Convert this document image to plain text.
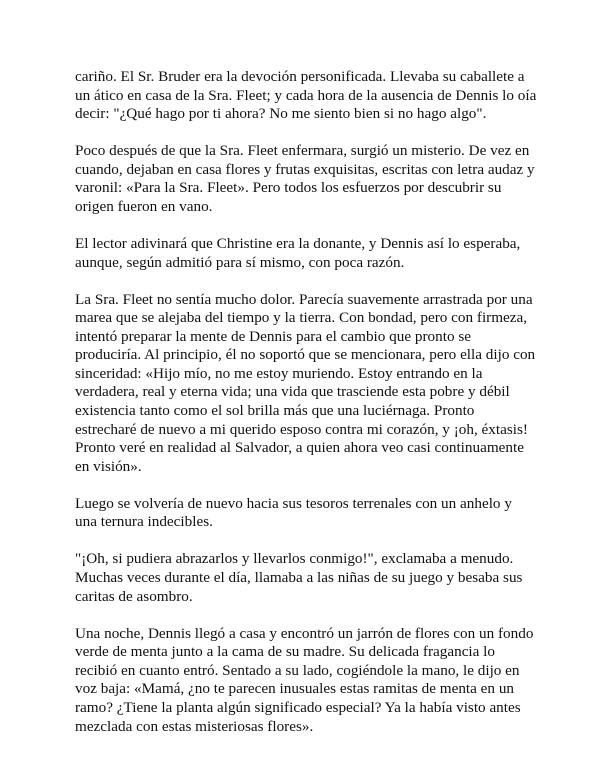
cariño. El Sr. Bruder era la devoción personificada. Llevaba su caballete a un ático en casa de la Sra. Fleet; y cada hora de la ausencia de Dennis lo oía decir: "¿Qué hago por ti ahora? No me siento bien si no hago algo".

Poco después de que la Sra. Fleet enfermara, surgió un misterio. De vez en cuando, dejaban en casa flores y frutas exquisitas, escritas con letra audaz y varonil: «Para la Sra. Fleet». Pero todos los esfuerzos por descubrir su origen fueron en vano.

El lector adivinará que Christine era la donante, y Dennis así lo esperaba, aunque, según admitió para sí mismo, con poca razón.

La Sra. Fleet no sentía mucho dolor. Parecía suavemente arrastrada por una marea que se alejaba del tiempo y la tierra. Con bondad, pero con firmeza, intentó preparar la mente de Dennis para el cambio que pronto se produciría. Al principio, él no soportó que se mencionara, pero ella dijo con sinceridad: «Hijo mío, no me estoy muriendo. Estoy entrando en la verdadera, real y eterna vida; una vida que trasciende esta pobre y débil existencia tanto como el sol brilla más que una luciérnaga. Pronto estrecharé de nuevo a mi querido esposo contra mi corazón, y ¡oh, éxtasis! Pronto veré en realidad al Salvador, a quien ahora veo casi continuamente en visión».

Luego se volvería de nuevo hacia sus tesoros terrenales con un anhelo y una ternura indecibles.

"¡Oh, si pudiera abrazarlos y llevarlos conmigo!", exclamaba a menudo. Muchas veces durante el día, llamaba a las niñas de su juego y besaba sus caritas de asombro.

Una noche, Dennis llegó a casa y encontró un jarrón de flores con un fondo verde de menta junto a la cama de su madre. Su delicada fragancia lo recibió en cuanto entró. Sentado a su lado, cogiéndole la mano, le dijo en voz baja: «Mamá, ¿no te parecen inusuales estas ramitas de menta en un ramo? ¿Tiene la planta algún significado especial? Ya la había visto antes mezclada con estas misteriosas flores».
